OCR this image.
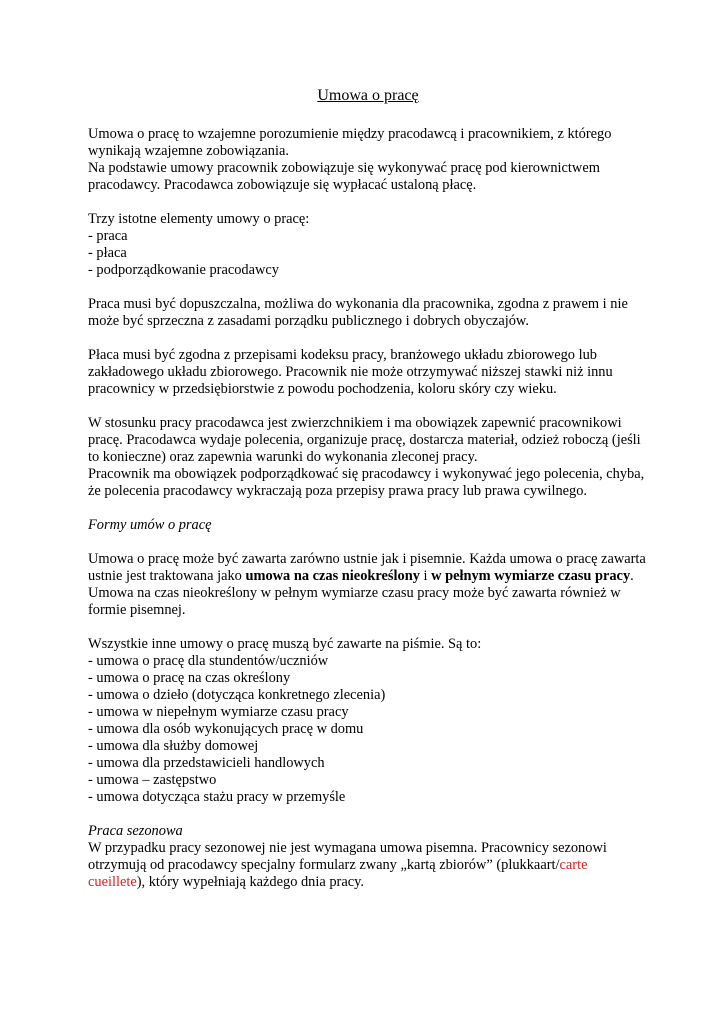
Umowa o pracę

Umowa o pracę to wzajemne porozumienie między pracodawcą i pracownikiem, z którego wynikają wzajemne zobowiązania.

Na podstawie umowy pracownik zobowiązuje się wykonywać pracę pod kierownictwem pracodawcy. Pracodawca zobowiązuje się wypłacać ustaloną płacę.

Trzy istotne elementy umowy o pracę:

- praca
- płaca
- podporządkowanie pracodawcy

Praca musi być dopuszczalna, możliwa do wykonania dla pracownika, zgodna z prawem i nie może być sprzeczna z zasadami porządku publicznego i dobrych obyczajów.

Płaca musi być zgodna z przepisami kodeksu pracy, branżowego układu zbiorowego lub zakładowego układu zbiorowego. Pracownik nie może otrzymywać niższej stawki niż innu pracownicy w przedsiębiorstwie z powodu pochodzenia, koloru skóry czy wieku.

W stosunku pracy pracodawca jest zwierzchnikiem i ma obowiązek zapewnić pracownikowi pracę. Pracodawca wydaje polecenia, organizuje pracę, dostarcza materiał, odzież roboczą (jeśli to konieczne) oraz zapewnia warunki do wykonania zleconej pracy.

Pracownik ma obowiązek podporządkować się pracodawcy i wykonywać jego polecenia, chyba, że polecenia pracodawcy wykraczają poza przepisy prawa pracy lub prawa cywilnego.

Formy umów o pracę

Umowa o pracę może być zawarta zarówno ustnie jak i pisemnie. Każda umowa o pracę zawarta ustnie jest traktowana jako umowa na czas nieokreślony i w pełnym wymiarze czasu pracy. Umowa na czas nieokreślony w pełnym wymiarze czasu pracy może być zawarta również w formie pisemnej.

Wszystkie inne umowy o pracę muszą być zawarte na piśmie. Są to:

- umowa o pracę dla stundentów/uczniów
- umowa o pracę na czas określony
- umowa o dzieło (dotycząca konkretnego zlecenia)
- umowa w niepełnym wymiarze czasu pracy
- umowa dla osób wykonujących pracę w domu
- umowa dla służby domowej
- umowa dla przedstawicieli handlowych
- umowa – zastępstwo
- umowa dotycząca stażu pracy w przemyśle

Praca sezonowa

W przypadku pracy sezonowej nie jest wymagana umowa pisemna. Pracownicy sezonowi otrzymują od pracodawcy specjalny formularz zwany „kartą zbiorów” (plukkaart/carte cueillete), który wypełniają każdego dnia pracy.
